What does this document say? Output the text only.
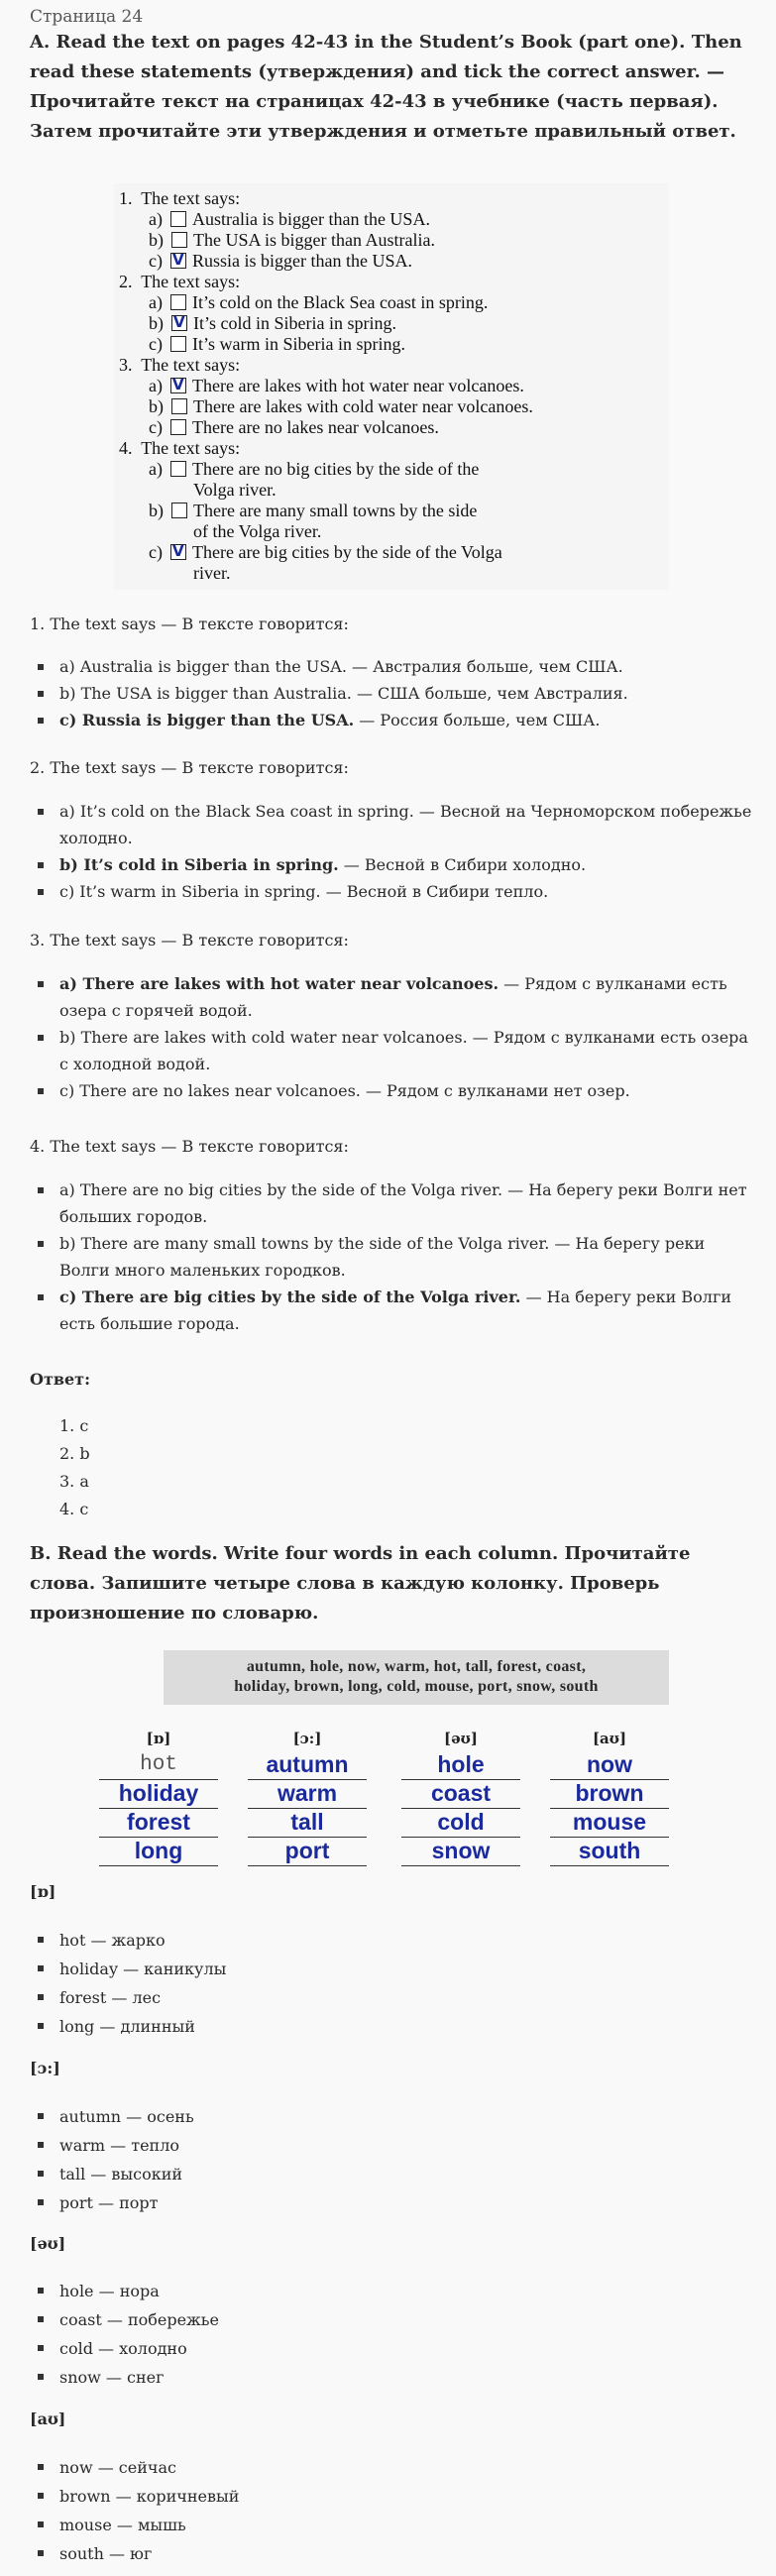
Страница 24
A. Read the text on pages 42-43 in the Student’s Book (part one). Then read these statements (утверждения) and tick the correct answer. — Прочитайте текст на страницах 42-43 в учебнике (часть первая). Затем прочитайте эти утверждения и отметьте правильный ответ.
1. The text says:
a) Australia is bigger than the USA.
b) The USA is bigger than Australia.
c) V Russia is bigger than the USA.
2. The text says:
a) It’s cold on the Black Sea coast in spring.
b) V It’s cold in Siberia in spring.
c) It’s warm in Siberia in spring.
3. The text says:
a) V There are lakes with hot water near volcanoes.
b) There are lakes with cold water near volcanoes.
c) There are no lakes near volcanoes.
4. The text says:
a) There are no big cities by the side of the
Volga river.
b) There are many small towns by the side
of the Volga river.
c) V There are big cities by the side of the Volga
river.
1. The text says — В тексте говорится:
a) Australia is bigger than the USA. — Австралия больше, чем США.
b) The USA is bigger than Australia. — США больше, чем Австралия.
c) Russia is bigger than the USA. — Россия больше, чем США.
2. The text says — В тексте говорится:
a) It’s cold on the Black Sea coast in spring. — Весной на Черноморском побережье холодно.
b) It’s cold in Siberia in spring. — Весной в Сибири холодно.
c) It’s warm in Siberia in spring. — Весной в Сибири тепло.
3. The text says — В тексте говорится:
a) There are lakes with hot water near volcanoes. — Рядом с вулканами есть озера с горячей водой.
b) There are lakes with cold water near volcanoes. — Рядом с вулканами есть озера с холодной водой.
c) There are no lakes near volcanoes. — Рядом с вулканами нет озер.
4. The text says — В тексте говорится:
a) There are no big cities by the side of the Volga river. — На берегу реки Волги нет больших городов.
b) There are many small towns by the side of the Volga river. — На берегу реки Волги много маленьких городков.
c) There are big cities by the side of the Volga river. — На берегу реки Волги есть большие города.
Ответ:
1. c
2. b
3. a
4. c
B. Read the words. Write four words in each column. Прочитайте слова. Запишите четыре слова в каждую колонку. Проверь произношение по словарю.
autumn, hole, now, warm, hot, tall, forest, coast,
holiday, brown, long, cold, mouse, port, snow, south
[ɒ]
hot
holiday
forest
long
[ɔ:]
autumn
warm
tall
port
[əʊ]
hole
coast
cold
snow
[aʊ]
now
brown
mouse
south
[ɒ]
hot — жарко
holiday — каникулы
forest — лес
long — длинный
[ɔ:]
autumn — осень
warm — тепло
tall — высокий
port — порт
[əʊ]
hole — нора
coast — побережье
cold — холодно
snow — снег
[aʊ]
now — сейчас
brown — коричневый
mouse — мышь
south — юг
